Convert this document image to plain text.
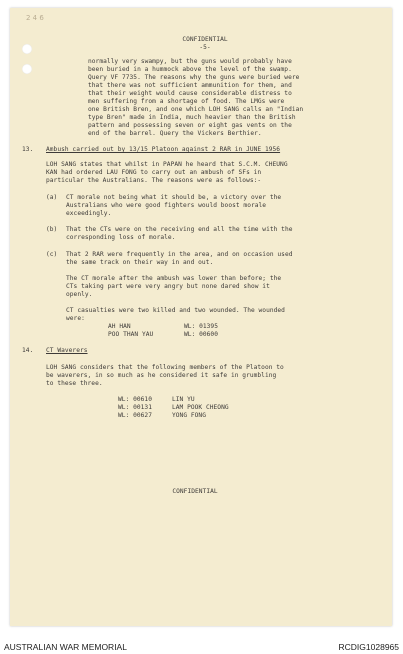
2 4 6
CONFIDENTIAL
-5-
normally very swampy, but the guns would probably have
been buried in a hummock above the level of the swamp.
Query VF 7735. The reasons why the guns were buried were
that there was not sufficient ammunition for them, and
that their weight would cause considerable distress to
men suffering from a shortage of food. The LMGs were
one British Bren, and one which LOH SANG calls an "Indian
type Bren" made in India, much heavier than the British
pattern and possessing seven or eight gas vents on the
end of the barrel. Query the Vickers Berthier.
13. Ambush carried out by 13/15 Platoon against 2 RAR in JUNE 1956
LOH SANG states that whilst in PAPAN he heard that S.C.M. CHEUNG
KAN had ordered LAU FONG to carry out an ambush of SFs in
particular the Australians. The reasons were as follows:-
(a) CT morale not being what it should be, a victory over the
Australians who were good fighters would boost morale
exceedingly.
(b) That the CTs were on the receiving end all the time with the
corresponding loss of morale.
(c) That 2 RAR were frequently in the area, and on occasion used
the same track on their way in and out.
The CT morale after the ambush was lower than before; the
CTs taking part were very angry but none dared show it
openly.
CT casualties were two killed and two wounded. The wounded
were:
AH HAN	WL: 01395
POO THAN YAU	WL: 00600
14. CT Waverers
LOH SANG considers that the following members of the Platoon to
be waverers, in so much as he considered it safe in grumbling
to these three.
WL: 00610	LIN YU
WL: 00131	LAM POOK CHEONG
WL: 00627	YONG FONG
CONFIDENTIAL
AUSTRALIAN WAR MEMORIAL	RCDIG1028965
